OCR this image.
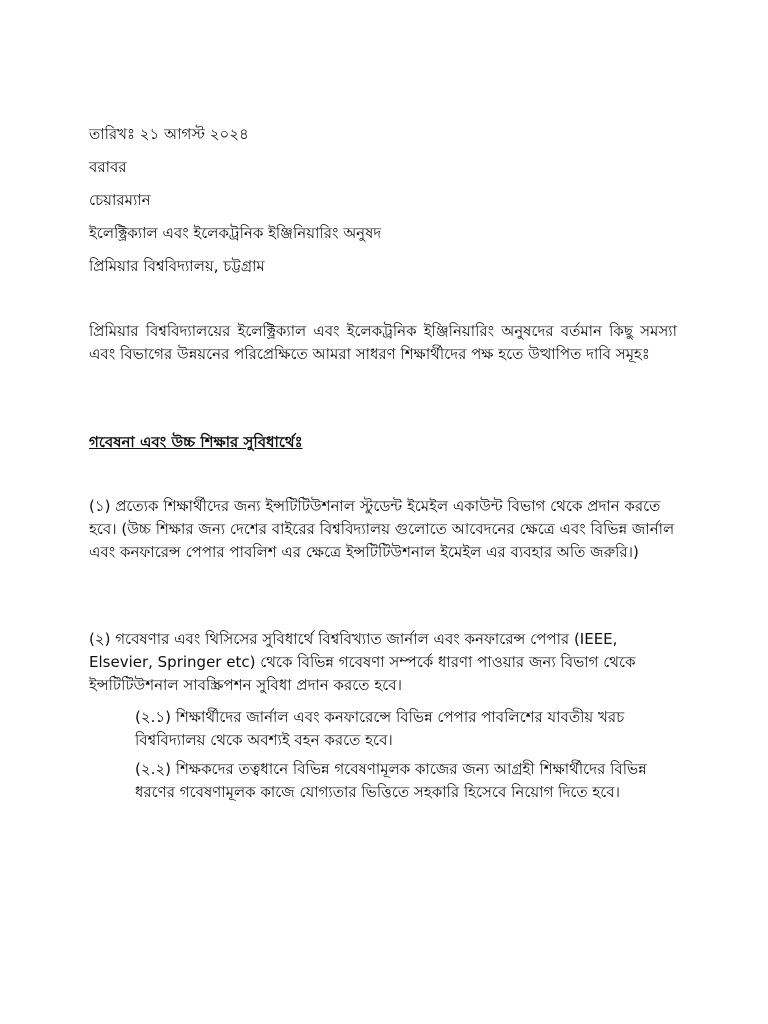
তারিখঃ ২১ আগস্ট ২০২৪
বরাবর
চেয়ারম্যান
ইলেক্ট্রিক্যাল এবং ইলেকট্রনিক ইঞ্জিনিয়ারিং অনুষদ
প্রিমিয়ার বিশ্ববিদ্যালয়, চট্টগ্রাম
প্রিমিয়ার বিশ্ববিদ্যালয়ের ইলেক্ট্রিক্যাল এবং ইলেকট্রনিক ইঞ্জিনিয়ারিং অনুষদের বর্তমান কিছু সমস্যা এবং বিভাগের উন্নয়নের পরিপ্রেক্ষিতে আমরা সাধরণ শিক্ষার্থীদের পক্ষ হতে উত্থাপিত দাবি সমূহঃ
গবেষনা এবং উচ্চ শিক্ষার সুবিধার্থেঃ
(১) প্রত্যেক শিক্ষার্থীদের জন্য ইন্সটিটিউশনাল স্টুডেন্ট ইমেইল একাউন্ট বিভাগ থেকে প্রদান করতে হবে। (উচ্চ শিক্ষার জন্য দেশের বাইরের বিশ্ববিদ্যালয় গুলোতে আবেদনের ক্ষেত্রে এবং বিভিন্ন জার্নাল এবং কনফারেন্স পেপার পাবলিশ এর ক্ষেত্রে ইন্সটিটিউশনাল ইমেইল এর ব্যবহার অতি জরুরি।)
(২) গবেষণার এবং থিসিসের সুবিধার্থে বিশ্ববিখ্যাত জার্নাল এবং কনফারেন্স পেপার (IEEE, Elsevier, Springer etc) থেকে বিভিন্ন গবেষণা সম্পর্কে ধারণা পাওয়ার জন্য বিভাগ থেকে ইন্সটিটিউশনাল সাবস্ক্রিপশন সুবিধা প্রদান করতে হবে।
(২.১) শিক্ষার্থীদের জার্নাল এবং কনফারেন্সে বিভিন্ন পেপার পাবলিশের যাবতীয় খরচ বিশ্ববিদ্যালয় থেকে অবশ্যই বহন করতে হবে।
(২.২) শিক্ষকদের তত্বধানে বিভিন্ন গবেষণামূলক কাজের জন্য আগ্রহী শিক্ষার্থীদের বিভিন্ন ধরণের গবেষণামূলক কাজে যোগ্যতার ভিত্তিতে সহকারি হিসেবে নিয়োগ দিতে হবে।
